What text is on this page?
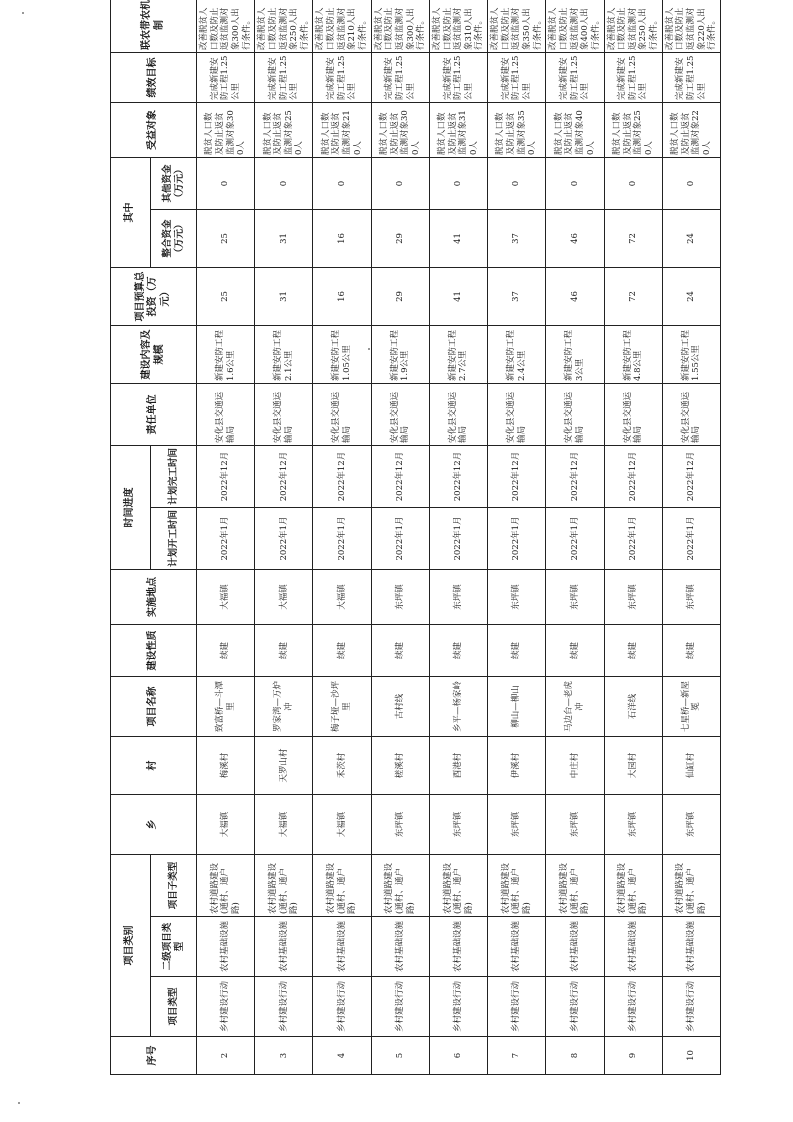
序号	项目类别			乡	村	项目名称	建设性质	实施地点	时间进度		责任单位	建设内容及规模	项目预算总投资（万元）	其中		受益对象	绩效目标	联农带农机制	
	项目类型	二级项目类型	项目子类型						计划开工时间	计划完工时间				整合资金（万元）	其他资金（万元）				
2	乡村建设行动	农村基础设施	农村道路建设(通村、通户路)	大福镇	梅溪村	致富桥—斗潭里	续建	大福镇	2022年1月	2022年12月	安化县交通运输局	新建安防工程1.6公里	25	25	0	脱贫人口数及防止返贫监测对象300人	完成新建安防工程1.25公里	改善脱贫人口数及防止返贫监测对象300人出行条件。	
3	乡村建设行动	农村基础设施	农村道路建设(通村、通户路)	大福镇	天罗山村	罗家湾—万炉冲	续建	大福镇	2022年1月	2022年12月	安化县交通运输局	新建安防工程2.1公里	31	31	0	脱贫人口数及防止返贫监测对象250人	完成新建安防工程1.25公里	改善脱贫人口数及防止返贫监测对象250人出行条件。	
4	乡村建设行动	农村基础设施	农村道路建设(通村、通户路)	大福镇	禾茨村	梅子垭—沙坪里	续建	大福镇	2022年1月	2022年12月	安化县交通运输局	新建安防工程1.05公里	16	16	0	脱贫人口数及防止返贫监测对象210人	完成新建安防工程1.25公里	改善脱贫人口数及防止返贫监测对象210人出行条件。	
5	乡村建设行动	农村基础设施	农村道路建设(通村、通户路)	东坪镇	槎溪村	古村线	续建	东坪镇	2022年1月	2022年12月	安化县交通运输局	新建安防工程1.9公里	29	29	0	脱贫人口数及防止返贫监测对象300人	完成新建安防工程1.25公里	改善脱贫人口数及防止返贫监测对象300人出行条件。	
6	乡村建设行动	农村基础设施	农村道路建设(通村、通户路)	东坪镇	酉港村	乡平—杨家岭	续建	东坪镇	2022年1月	2022年12月	安化县交通运输局	新建安防工程2.7公里	41	41	0	脱贫人口数及防止返贫监测对象310人	完成新建安防工程1.25公里	改善脱贫人口数及防止返贫监测对象310人出行条件。	
7	乡村建设行动	农村基础设施	农村道路建设(通村、通户路)	东坪镇	伊溪村	柳山—柳山	续建	东坪镇	2022年1月	2022年12月	安化县交通运输局	新建安防工程2.4公里	37	37	0	脱贫人口数及防止返贫监测对象350人	完成新建安防工程1.25公里	改善脱贫人口数及防止返贫监测对象350人出行条件。	
8	乡村建设行动	农村基础设施	农村道路建设(通村、通户路)	东坪镇	中庄村	马边台—老虎冲	续建	东坪镇	2022年1月	2022年12月	安化县交通运输局	新建安防工程3公里	46	46	0	脱贫人口数及防止返贫监测对象400人	完成新建安防工程1.25公里	改善脱贫人口数及防止返贫监测对象400人出行条件。	
9	乡村建设行动	农村基础设施	农村道路建设(通村、通户路)	东坪镇	大园村	石洋线	续建	东坪镇	2022年1月	2022年12月	安化县交通运输局	新建安防工程4.8公里	72	72	0	脱贫人口数及防止返贫监测对象250人	完成新建安防工程1.25公里	改善脱贫人口数及防止返贫监测对象250人出行条件。	
10	乡村建设行动	农村基础设施	农村道路建设(通村、通户路)	东坪镇	仙缸村	七星桥—新屋冕	续建	东坪镇	2022年1月	2022年12月	安化县交通运输局	新建安防工程1.55公里	24	24	0	脱贫人口数及防止返贫监测对象220人	完成新建安防工程1.25公里	改善脱贫人口数及防止返贫监测对象220人出行条件。	
